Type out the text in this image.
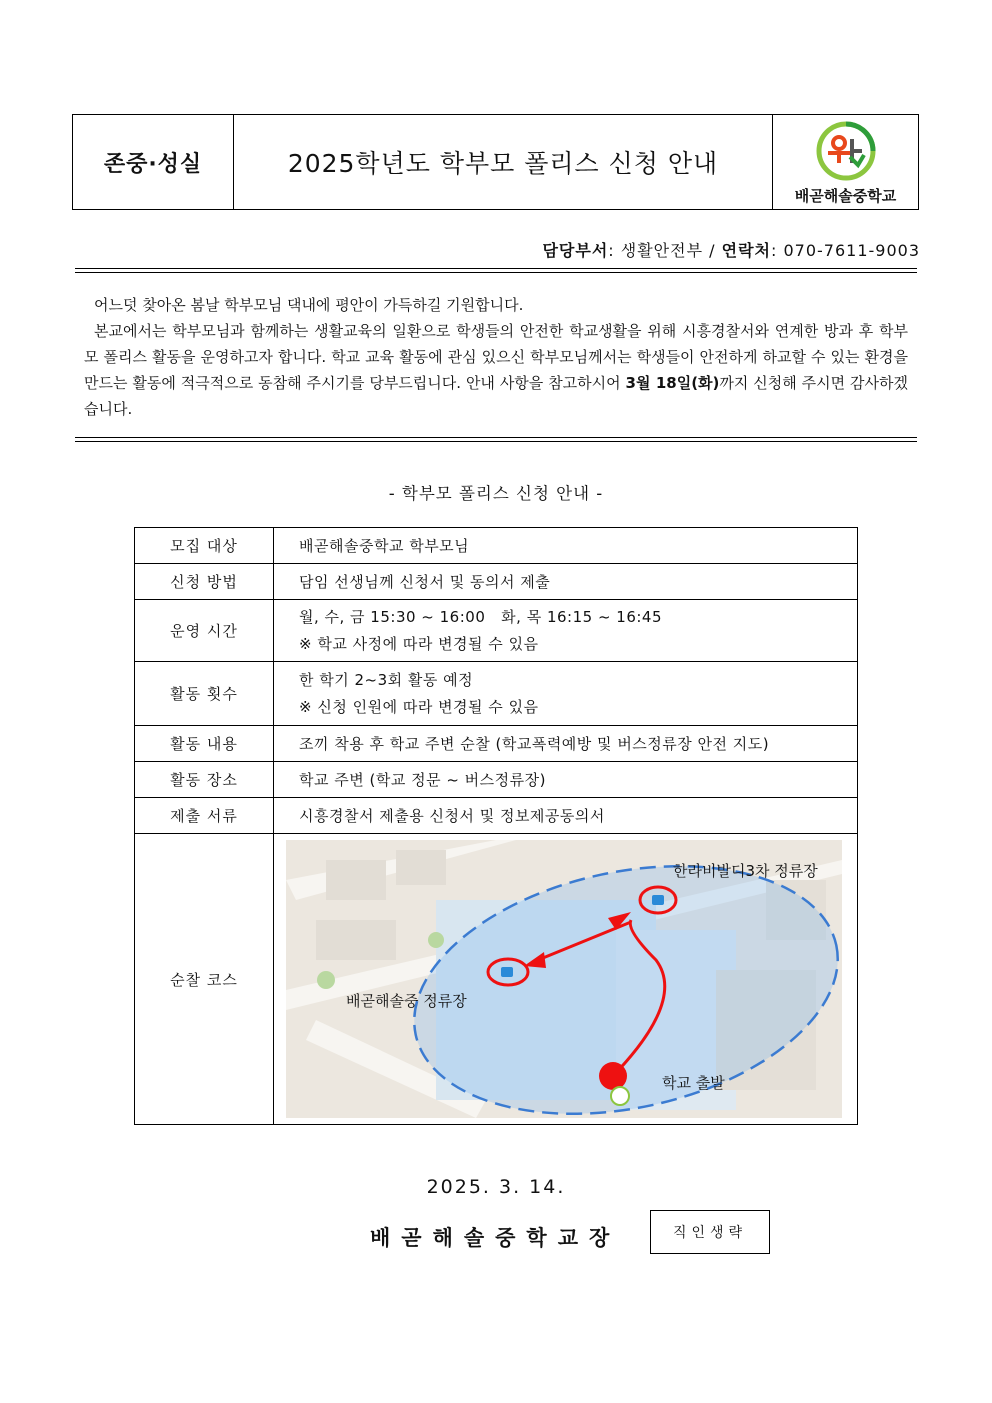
존중·성실	2025학년도 학부모 폴리스 신청 안내
배곧해솔중학교
담당부서: 생활안전부 / 연락처: 070-7611-9003

어느덧 찾아온 봄날 학부모님 댁내에 평안이 가득하길 기원합니다.

본교에서는 학부모님과 함께하는 생활교육의 일환으로 학생들의 안전한 학교생활을 위해 시흥경찰서와 연계한 방과 후 학부모 폴리스 활동을 운영하고자 합니다. 학교 교육 활동에 관심 있으신 학부모님께서는 학생들이 안전하게 하교할 수 있는 환경을 만드는 활동에 적극적으로 동참해 주시기를 당부드립니다. 안내 사항을 참고하시어 3월 18일(화)까지 신청해 주시면 감사하겠습니다.

- 학부모 폴리스 신청 안내 -
모집 대상	배곧해솔중학교 학부모님
신청 방법	담임 선생님께 신청서 및 동의서 제출
운영 시간	월, 수, 금 15:30 ~ 16:00   화, 목 16:15 ~ 16:45
※ 학교 사정에 따라 변경될 수 있음

활동 횟수	한 학기 2~3회 활동 예정
※ 신청 인원에 따라 변경될 수 있음

활동 내용	조끼 착용 후 학교 주변 순찰 (학교폭력예방 및 버스정류장 안전 지도)
활동 장소	학교 주변 (학교 정문 ~ 버스정류장)
제출 서류	시흥경찰서 제출용 신청서 및 정보제공동의서
순찰 코스	한라비발디3차 정류장
배곧해솔중 정류장
학교 출발
2025. 3. 14.
배곧해솔중학교장	직인생략
